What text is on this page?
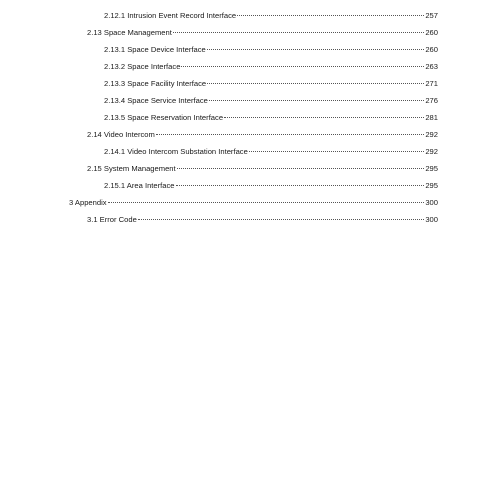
2.12.1 Intrusion Event Record Interface	257
2.13 Space Management	260
2.13.1 Space Device Interface	260
2.13.2 Space Interface	263
2.13.3 Space Facility Interface	271
2.13.4 Space Service Interface	276
2.13.5 Space Reservation Interface	281
2.14 Video Intercom	292
2.14.1 Video Intercom Substation Interface	292
2.15 System Management	295
2.15.1 Area Interface	295
3 Appendix	300
3.1 Error Code	300
